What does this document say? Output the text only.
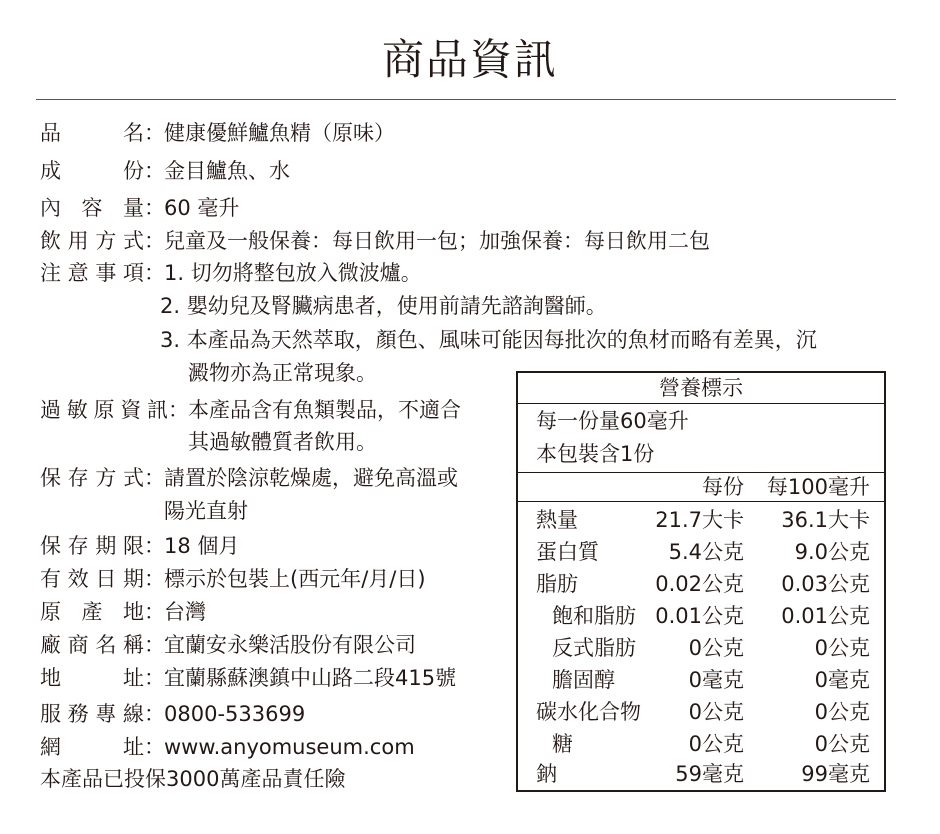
商品資訊
品名：健康優鮮鱸魚精（原味）
成份：金目鱸魚、水
內容量：60 毫升
飲用方式：兒童及一般保養：每日飲用一包；加強保養：每日飲用二包
注意事項：1. 切勿將整包放入微波爐。
2. 嬰幼兒及腎臟病患者，使用前請先諮詢醫師。
3. 本產品為天然萃取，顏色、風味可能因每批次的魚材而略有差異，沉
澱物亦為正常現象。
過敏原資訊：本產品含有魚類製品，不適合
其過敏體質者飲用。
保存方式：請置於陰涼乾燥處，避免高溫或
陽光直射
保存期限：18 個月
有效日期：標示於包裝上(西元年/月/日)
原產地：台灣
廠商名稱：宜蘭安永樂活股份有限公司
地址：宜蘭縣蘇澳鎮中山路二段415號
服務專線：0800-533699
網址：www.anyomuseum.com
本產品已投保3000萬產品責任險
營養標示
每一份量60毫升
本包裝含1份
每份 每100毫升
熱量	21.7大卡 36.1大卡
蛋白質	5.4公克 9.0公克
脂肪	0.02公克 0.03公克
飽和脂肪 0.01公克 0.01公克
反式脂肪	0公克	0公克
膽固醇	0毫克	0毫克
碳水化合物 0公克	0公克
糖	0公克	0公克
鈉	59毫克	99毫克
